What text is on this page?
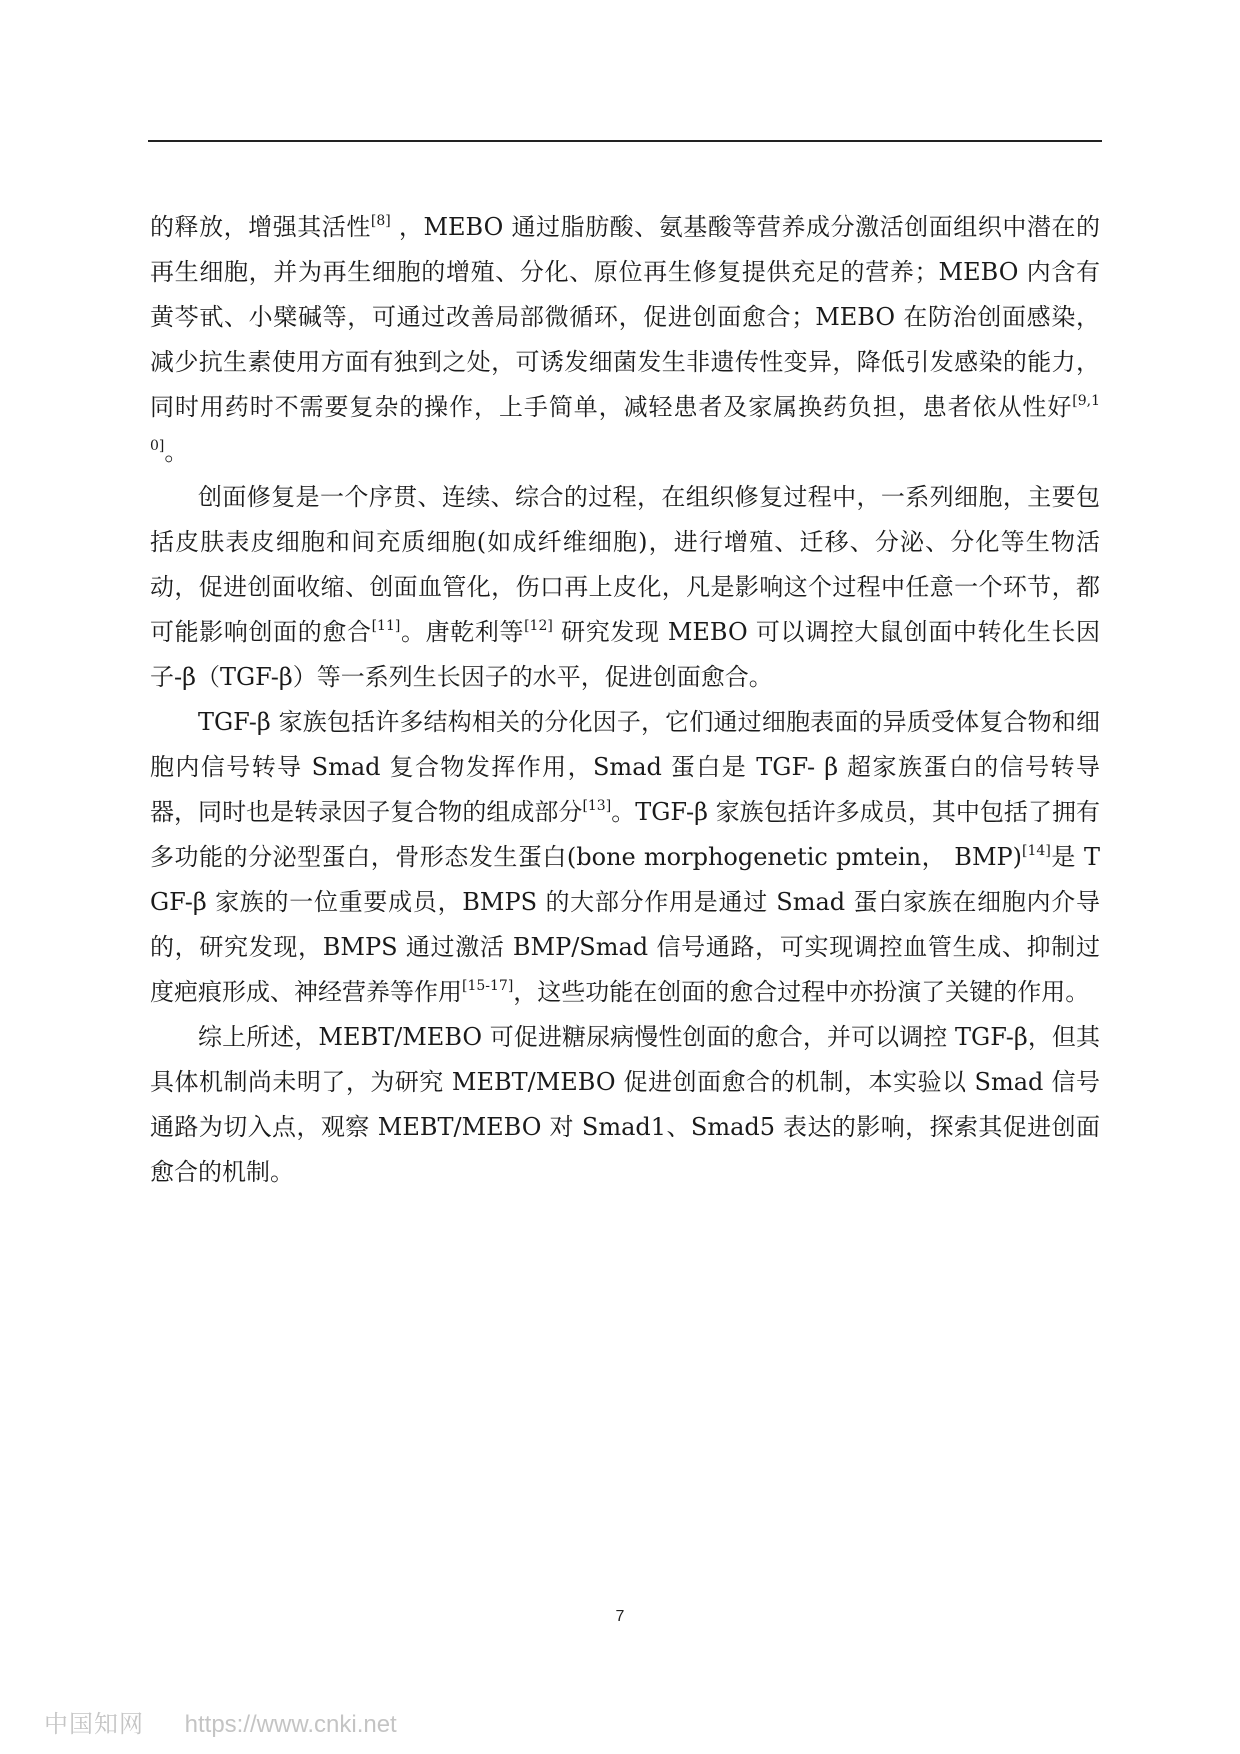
的释放，增强其活性[8] ，MEBO 通过脂肪酸、氨基酸等营养成分激活创面组织中潜在的再生细胞，并为再生细胞的增殖、分化、原位再生修复提供充足的营养；MEBO 内含有黄芩甙、小檗碱等，可通过改善局部微循环，促进创面愈合；MEBO 在防治创面感染，减少抗生素使用方面有独到之处，可诱发细菌发生非遗传性变异，降低引发感染的能力，同时用药时不需要复杂的操作，上手简单，减轻患者及家属换药负担，患者依从性好[9,10]。

创面修复是一个序贯、连续、综合的过程，在组织修复过程中，一系列细胞，主要包括皮肤表皮细胞和间充质细胞(如成纤维细胞)，进行增殖、迁移、分泌、分化等生物活动，促进创面收缩、创面血管化，伤口再上皮化，凡是影响这个过程中任意一个环节，都可能影响创面的愈合[11]。唐乾利等[12] 研究发现 MEBO 可以调控大鼠创面中转化生长因子-β（TGF-β）等一系列生长因子的水平，促进创面愈合。

TGF-β 家族包括许多结构相关的分化因子，它们通过细胞表面的异质受体复合物和细胞内信号转导 Smad 复合物发挥作用，Smad 蛋白是 TGF- β 超家族蛋白的信号转导器，同时也是转录因子复合物的组成部分[13]。TGF-β 家族包括许多成员，其中包括了拥有多功能的分泌型蛋白，骨形态发生蛋白(bone morphogenetic pmtein， BMP)[14]是 TGF-β 家族的一位重要成员，BMPS 的大部分作用是通过 Smad 蛋白家族在细胞内介导的，研究发现，BMPS 通过激活 BMP/Smad 信号通路，可实现调控血管生成、抑制过度疤痕形成、神经营养等作用[15-17]，这些功能在创面的愈合过程中亦扮演了关键的作用。

综上所述，MEBT/MEBO 可促进糖尿病慢性创面的愈合，并可以调控 TGF-β，但其具体机制尚未明了，为研究 MEBT/MEBO 促进创面愈合的机制，本实验以 Smad 信号通路为切入点，观察 MEBT/MEBO 对 Smad1、Smad5 表达的影响，探索其促进创面愈合的机制。

7
中国知网 https://www.cnki.net
